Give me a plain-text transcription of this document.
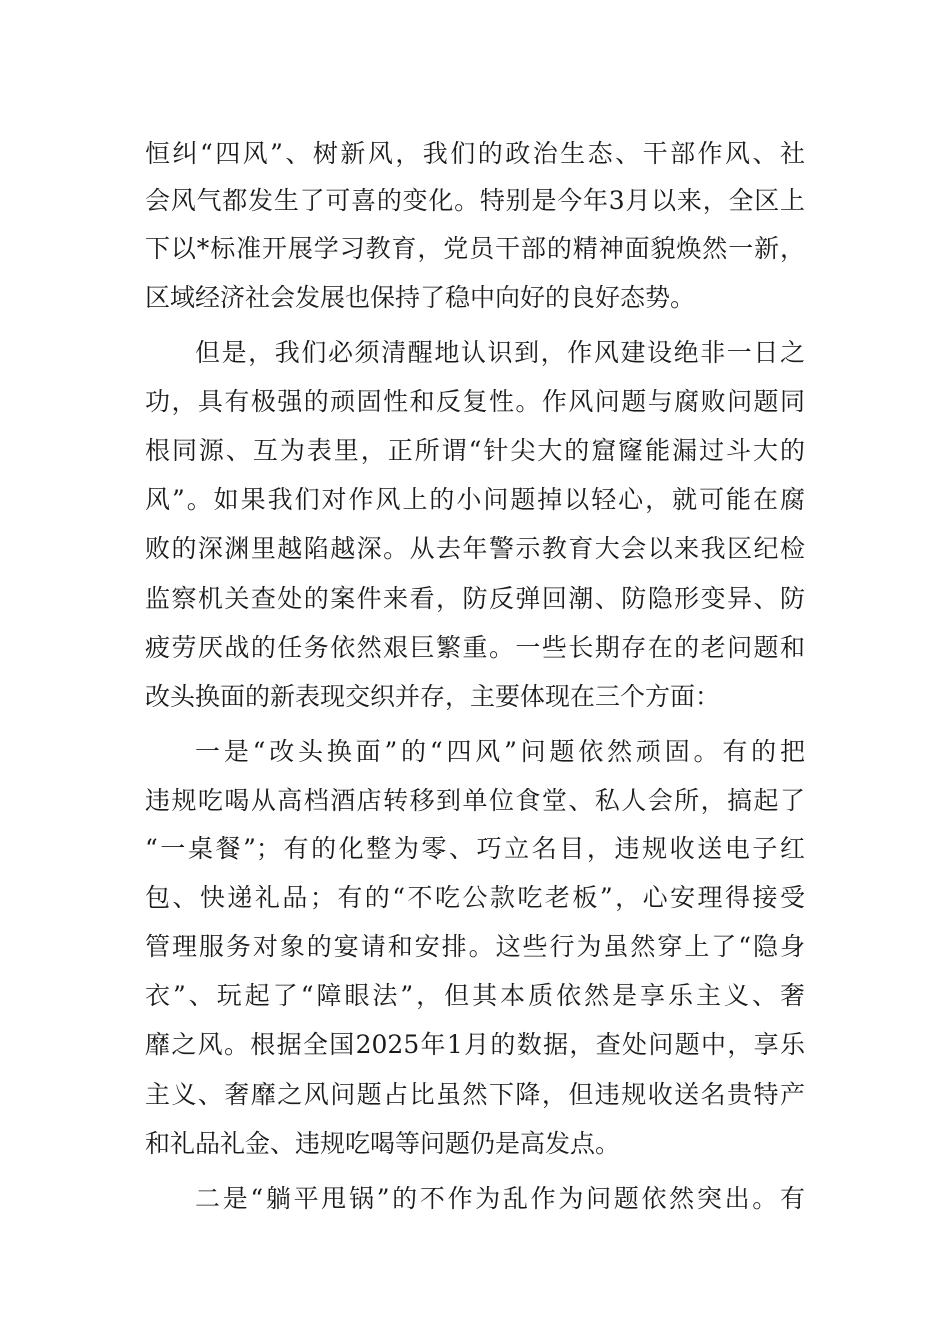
恒纠“四风”、树新风，我们的政治生态、干部作风、社
会风气都发生了可喜的变化。特别是今年3月以来，全区上
下以*标准开展学习教育，党员干部的精神面貌焕然一新，
区域经济社会发展也保持了稳中向好的良好态势。
但是，我们必须清醒地认识到，作风建设绝非一日之
功，具有极强的顽固性和反复性。作风问题与腐败问题同
根同源、互为表里，正所谓“针尖大的窟窿能漏过斗大的
风”。如果我们对作风上的小问题掉以轻心，就可能在腐
败的深渊里越陷越深。从去年警示教育大会以来我区纪检
监察机关查处的案件来看，防反弹回潮、防隐形变异、防
疲劳厌战的任务依然艰巨繁重。一些长期存在的老问题和
改头换面的新表现交织并存，主要体现在三个方面：
一是“改头换面”的“四风”问题依然顽固。有的把
违规吃喝从高档酒店转移到单位食堂、私人会所，搞起了
“一桌餐”；有的化整为零、巧立名目，违规收送电子红
包、快递礼品；有的“不吃公款吃老板”，心安理得接受
管理服务对象的宴请和安排。这些行为虽然穿上了“隐身
衣”、玩起了“障眼法”，但其本质依然是享乐主义、奢
靡之风。根据全国2025年1月的数据，查处问题中，享乐
主义、奢靡之风问题占比虽然下降，但违规收送名贵特产
和礼品礼金、违规吃喝等问题仍是高发点。
二是“躺平甩锅”的不作为乱作为问题依然突出。有
